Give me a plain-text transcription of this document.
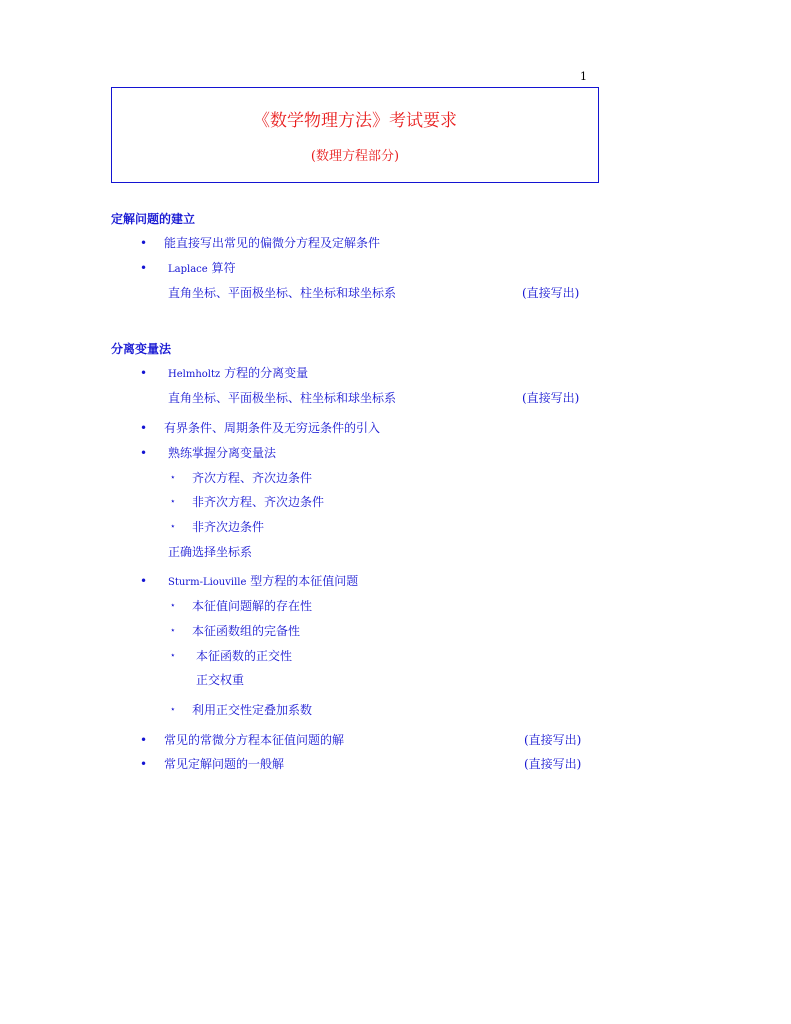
1
《数学物理方法》考试要求
(数理方程部分)
定解问题的建立
• 能直接写出常见的偏微分方程及定解条件
• Laplace 算符
直角坐标、平面极坐标、柱坐标和球坐标系	(直接写出)
分离变量法
• Helmholtz 方程的分离变量
直角坐标、平面极坐标、柱坐标和球坐标系	(直接写出)
• 有界条件、周期条件及无穷远条件的引入
• 熟练掌握分离变量法
⋆ 齐次方程、齐次边条件
⋆ 非齐次方程、齐次边条件
⋆ 非齐次边条件
正确选择坐标系
• Sturm-Liouville 型方程的本征值问题
⋆ 本征值问题解的存在性
⋆ 本征函数组的完备性
⋆ 本征函数的正交性
正交权重
⋆ 利用正交性定叠加系数
• 常见的常微分方程本征值问题的解	(直接写出)
• 常见定解问题的一般解	(直接写出)
